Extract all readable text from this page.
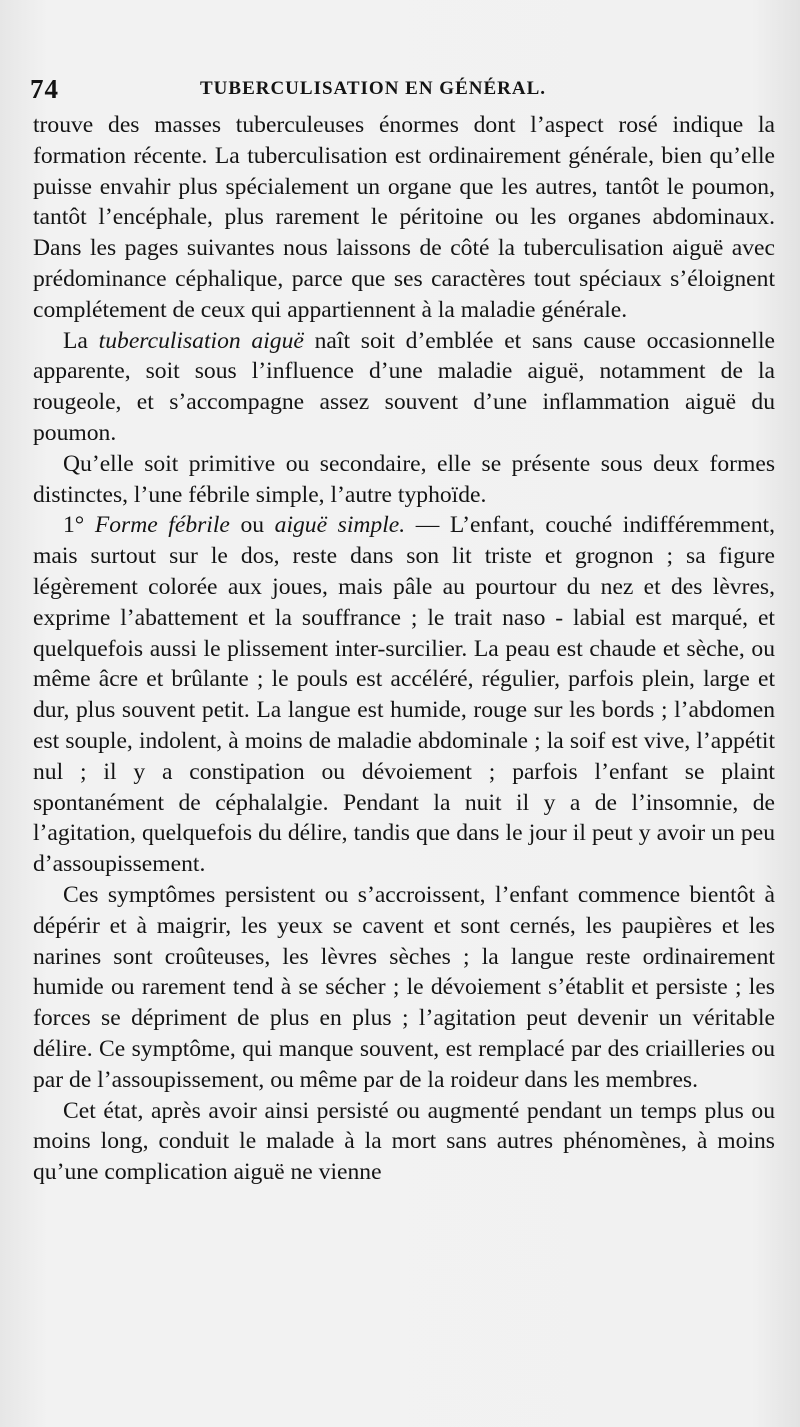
74	TUBERCULISATION EN GÉNÉRAL.

trouve des masses tuberculeuses énormes dont l’aspect rosé indique la formation récente. La tuberculisation est ordinairement générale, bien qu’elle puisse envahir plus spécialement un organe que les autres, tantôt le poumon, tantôt l’encéphale, plus rarement le péritoine ou les organes abdominaux. Dans les pages suivantes nous laissons de côté la tuberculisation aiguë avec prédominance céphalique, parce que ses caractères tout spéciaux s’éloignent complétement de ceux qui appartiennent à la maladie générale.

La tuberculisation aiguë naît soit d’emblée et sans cause occasionnelle apparente, soit sous l’influence d’une maladie aiguë, notamment de la rougeole, et s’accompagne assez souvent d’une inflammation aiguë du poumon.

Qu’elle soit primitive ou secondaire, elle se présente sous deux formes distinctes, l’une fébrile simple, l’autre typhoïde.

1° Forme fébrile ou aiguë simple. — L’enfant, couché indifféremment, mais surtout sur le dos, reste dans son lit triste et grognon ; sa figure légèrement colorée aux joues, mais pâle au pourtour du nez et des lèvres, exprime l’abattement et la souffrance ; le trait naso - labial est marqué, et quelquefois aussi le plissement inter-surcilier. La peau est chaude et sèche, ou même âcre et brûlante ; le pouls est accéléré, régulier, parfois plein, large et dur, plus souvent petit. La langue est humide, rouge sur les bords ; l’abdomen est souple, indolent, à moins de maladie abdominale ; la soif est vive, l’appétit nul ; il y a constipation ou dévoiement ; parfois l’enfant se plaint spontanément de céphalalgie. Pendant la nuit il y a de l’insomnie, de l’agitation, quelquefois du délire, tandis que dans le jour il peut y avoir un peu d’assoupissement.

Ces symptômes persistent ou s’accroissent, l’enfant commence bientôt à dépérir et à maigrir, les yeux se cavent et sont cernés, les paupières et les narines sont croûteuses, les lèvres sèches ; la langue reste ordinairement humide ou rarement tend à se sécher ; le dévoiement s’établit et persiste ; les forces se dépriment de plus en plus ; l’agitation peut devenir un véritable délire. Ce symptôme, qui manque souvent, est remplacé par des criailleries ou par de l’assoupissement, ou même par de la roideur dans les membres.

Cet état, après avoir ainsi persisté ou augmenté pendant un temps plus ou moins long, conduit le malade à la mort sans autres phénomènes, à moins qu’une complication aiguë ne vienne
